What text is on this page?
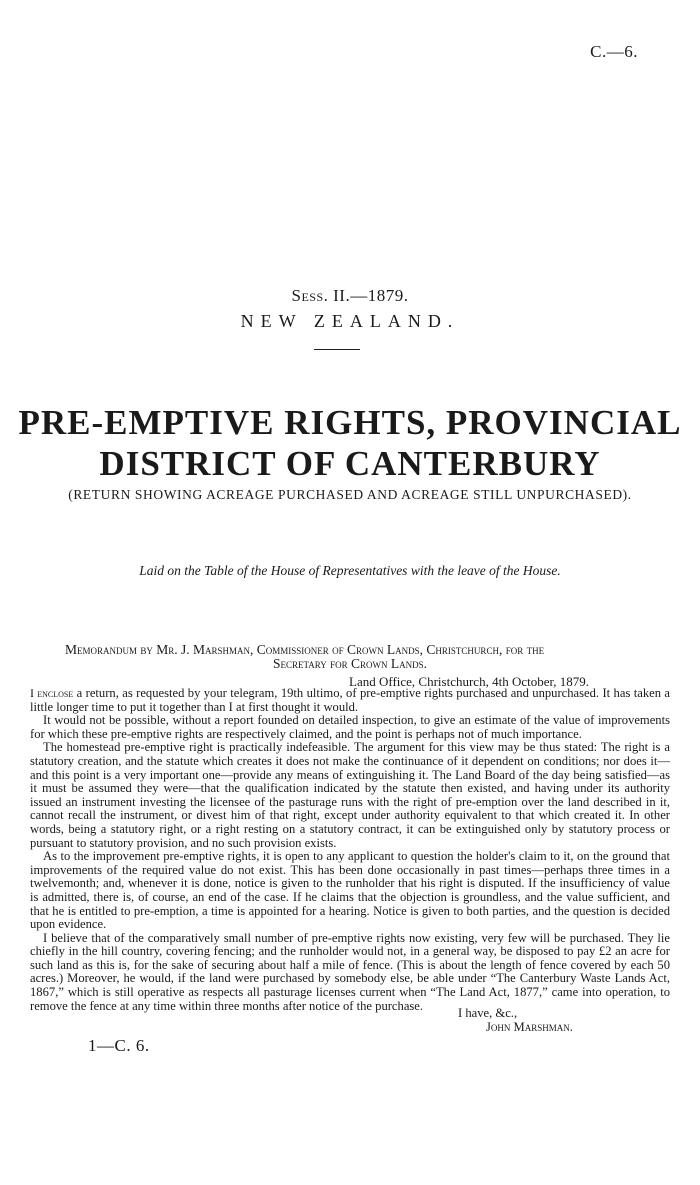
C.—6.
Sess. II.—1879.
NEW ZEALAND.
PRE-EMPTIVE RIGHTS, PROVINCIAL
DISTRICT OF CANTERBURY
(RETURN SHOWING ACREAGE PURCHASED AND ACREAGE STILL UNPURCHASED).
Laid on the Table of the House of Representatives with the leave of the House.
Memorandum by Mr. J. Marshman, Commissioner of Crown Lands, Christchurch, for the
Secretary for Crown Lands.
Land Office, Christchurch, 4th October, 1879.

I enclose a return, as requested by your telegram, 19th ultimo, of pre-emptive rights purchased and unpurchased. It has taken a little longer time to put it together than I at first thought it would.

It would not be possible, without a report founded on detailed inspection, to give an estimate of the value of improvements for which these pre-emptive rights are respectively claimed, and the point is perhaps not of much importance.

The homestead pre-emptive right is practically indefeasible. The argument for this view may be thus stated: The right is a statutory creation, and the statute which creates it does not make the continuance of it dependent on conditions; nor does it—and this point is a very important one—provide any means of extinguishing it. The Land Board of the day being satisfied—as it must be assumed they were—that the qualification indicated by the statute then existed, and having under its authority issued an instrument investing the licensee of the pasturage runs with the right of pre-emption over the land described in it, cannot recall the instrument, or divest him of that right, except under authority equivalent to that which created it. In other words, being a statutory right, or a right resting on a statutory contract, it can be extinguished only by statutory process or pursuant to statutory provision, and no such provision exists.

As to the improvement pre-emptive rights, it is open to any applicant to question the holder's claim to it, on the ground that improvements of the required value do not exist. This has been done occasionally in past times—perhaps three times in a twelvemonth; and, whenever it is done, notice is given to the runholder that his right is disputed. If the insufficiency of value is admitted, there is, of course, an end of the case. If he claims that the objection is groundless, and the value sufficient, and that he is entitled to pre-emption, a time is appointed for a hearing. Notice is given to both parties, and the question is decided upon evidence.

I believe that of the comparatively small number of pre-emptive rights now existing, very few will be purchased. They lie chiefly in the hill country, covering fencing; and the runholder would not, in a general way, be disposed to pay £2 an acre for such land as this is, for the sake of securing about half a mile of fence. (This is about the length of fence covered by each 50 acres.) Moreover, he would, if the land were purchased by somebody else, be able under “The Canterbury Waste Lands Act, 1867,” which is still operative as respects all pasturage licenses current when “The Land Act, 1877,” came into operation, to remove the fence at any time within three months after notice of the purchase.

I have, &c.,
John Marshman.
1—C. 6.
